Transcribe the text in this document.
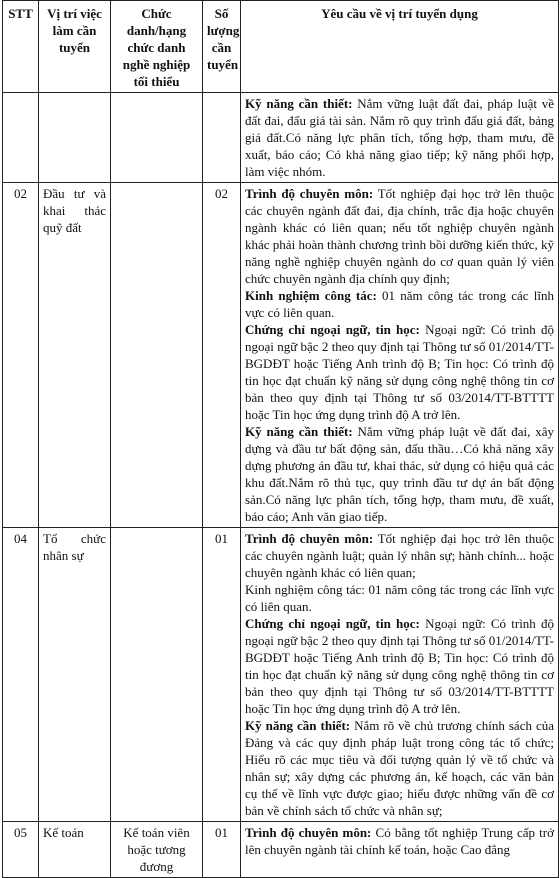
STT	Vị trí việc làm cần tuyển	Chức danh/hạng chức danh nghề nghiệp tối thiểu	Số lượng cần tuyển	Yêu cầu về vị trí tuyển dụng

				Kỹ năng cần thiết: Nắm vững luật đất đai, pháp luật về đất đai, đấu giá tài sản. Nắm rõ quy trình đấu giá đất, bảng giá đất.Có năng lực phân tích, tổng hợp, tham mưu, đề xuất, báo cáo; Có khả năng giao tiếp; kỹ năng phối hợp, làm việc nhóm.

02	Đầu tư và khai thác quỹ đất		02	Trình độ chuyên môn: Tốt nghiệp đại học trở lên thuộc các chuyên ngành đất đai, địa chính, trắc địa hoặc chuyên ngành khác có liên quan; nếu tốt nghiệp chuyên ngành khác phải hoàn thành chương trình bồi dưỡng kiến thức, kỹ năng nghề nghiệp chuyên ngành do cơ quan quản lý viên chức chuyên ngành địa chính quy định;

Kinh nghiệm công tác: 01 năm công tác trong các lĩnh vực có liên quan.

Chứng chỉ ngoại ngữ, tin học: Ngoại ngữ: Có trình độ ngoại ngữ bậc 2 theo quy định tại Thông tư số 01/2014/TT-BGDĐT hoặc Tiếng Anh trình độ B; Tin học: Có trình độ tin học đạt chuẩn kỹ năng sử dụng công nghệ thông tin cơ bản theo quy định tại Thông tư số 03/2014/TT-BTTTT hoặc Tin học ứng dụng trình độ A trở lên.

Kỹ năng cần thiết: Nắm vững pháp luật về đất đai, xây dựng và đầu tư bất động sản, đấu thầu…Có khả năng xây dựng phương án đầu tư, khai thác, sử dụng có hiệu quả các khu đất.Nắm rõ thủ tục, quy trình đầu tư dự án bất động sản.Có năng lực phân tích, tổng hợp, tham mưu, đề xuất, báo cáo; Anh văn giao tiếp.

04	Tổ chức nhân sự		01	Trình độ chuyên môn: Tốt nghiệp đại học trở lên thuộc các chuyên ngành luật; quản lý nhân sự; hành chính... hoặc chuyên ngành khác có liên quan;

Kinh nghiệm công tác: 01 năm công tác trong các lĩnh vực có liên quan.

Chứng chỉ ngoại ngữ, tin học: Ngoại ngữ: Có trình độ ngoại ngữ bậc 2 theo quy định tại Thông tư số 01/2014/TT-BGDĐT hoặc Tiếng Anh trình độ B; Tin học: Có trình độ tin học đạt chuẩn kỹ năng sử dụng công nghệ thông tin cơ bản theo quy định tại Thông tư số 03/2014/TT-BTTTT hoặc Tin học ứng dụng trình độ A trở lên.

Kỹ năng cần thiết: Nắm rõ về chủ trương chính sách của Đảng và các quy định pháp luật trong công tác tổ chức; Hiểu rõ các mục tiêu và đối tượng quản lý về tổ chức và nhân sự; xây dựng các phương án, kế hoạch, các văn bản cụ thể về lĩnh vực được giao; hiểu được những vấn đề cơ bản về chính sách tổ chức và nhân sự;

05	Kế toán	Kế toán viên hoặc tương đương	01	Trình độ chuyên môn: Có bằng tốt nghiệp Trung cấp trở lên chuyên ngành tài chính kế toán, hoặc Cao đẳng
